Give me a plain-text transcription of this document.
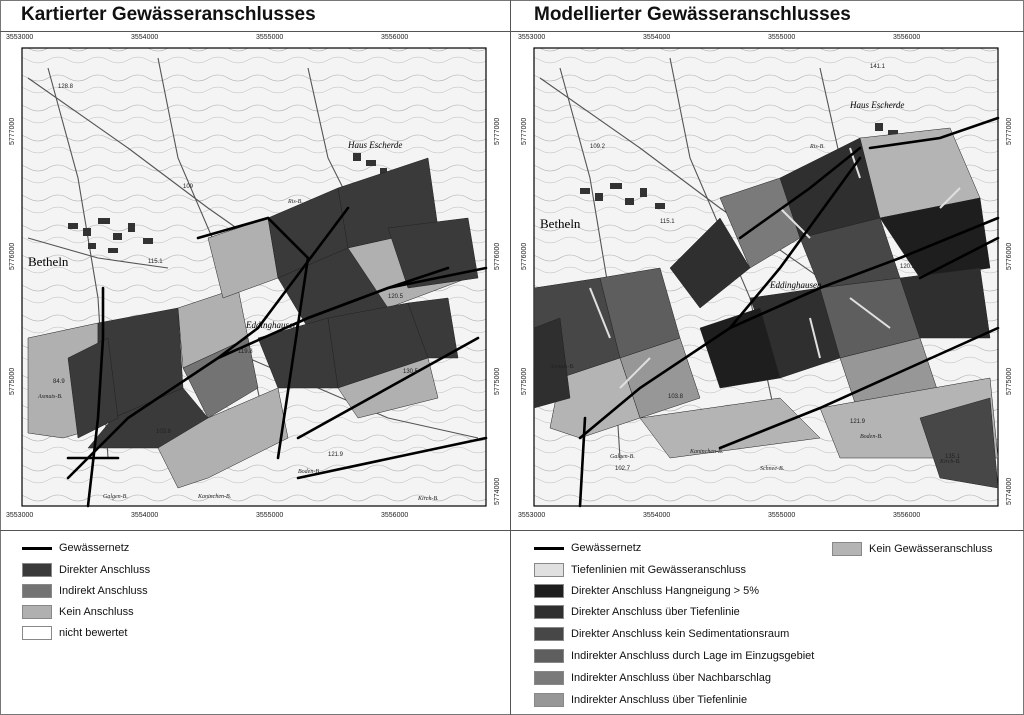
Kartierter Gewässeranschlusses	Modellierter Gewässeranschlusses
Betheln
Eddinghausen
Haus Escherde
128.8
109
115.1
120.5
119.8
103.8
121.9
130.5
84.9
Boden-B.
Galgen-B.	Kaninchen-B.	Kirch-B.
Ris-B.
Asmuts-B.
3553000	3554000	3555000	3556000
3553000	3554000	3555000	3556000
5777000
5776000
5775000
5777000
5776000
5775000
5774000
Betheln
Eddinghausen
Haus Escherde
109.2
115.1
120.5
103.8
121.9
135.1
102.7
141.1
Boden-B.
Galgen-B.
Kaninchen-B.
Schnee-B.
Kirch-B.
Ris-B.
Asmuts-B.
3553000	3554000	3555000	3556000
3553000	3554000	3555000	3556000
5777000
5776000
5775000
5777000
5776000
5775000
5774000
Gewässernetz
Direkter Anschluss
Indirekt Anschluss
Kein Anschluss
nicht bewertet
Gewässernetz
Tiefenlinien mit Gewässeranschluss
Direkter Anschluss Hangneigung > 5%
Direkter Anschluss über Tiefenlinie
Direkter Anschluss kein Sedimentationsraum
Indirekter Anschluss durch Lage im Einzugsgebiet
Indirekter Anschluss über Nachbarschlag
Indirekter Anschluss über Tiefenlinie
Kein Gewässeranschluss
